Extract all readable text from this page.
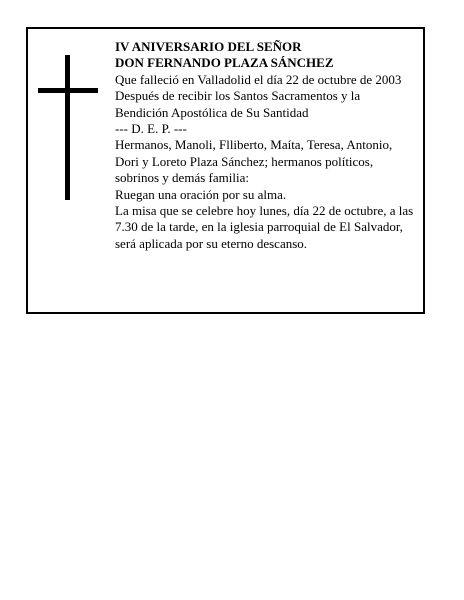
IV ANIVERSARIO DEL SEÑOR

DON FERNANDO PLAZA SÁNCHEZ

Que falleció en Valladolid el día 22 de octubre de 2003

Después de recibir los Santos Sacramentos y la Bendición Apostólica de Su Santidad

--- D. E. P. ---

Hermanos, Manoli, Flliberto, Maíta, Teresa, Antonio, Dori y Loreto Plaza Sánchez; hermanos políticos, sobrinos y demás familia:

Ruegan una oración por su alma.

La misa que se celebre hoy lunes, día 22 de octubre, a las 7.30 de la tarde, en la iglesia parroquial de El Salvador, será aplicada por su eterno descanso.
